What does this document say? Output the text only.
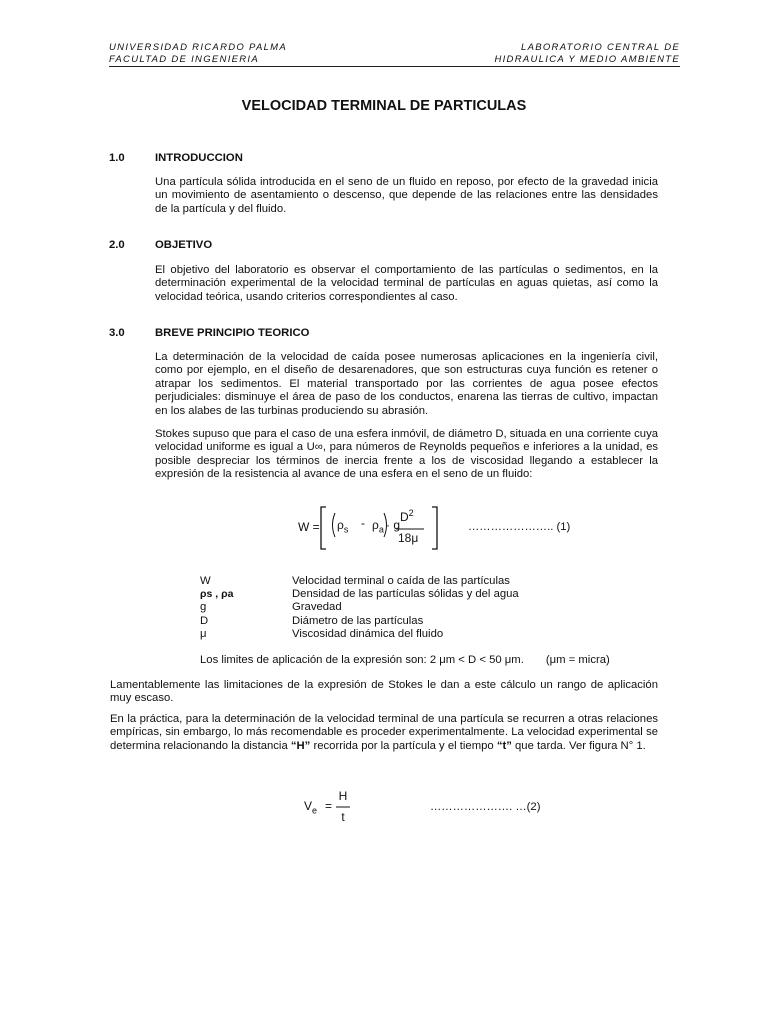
UNIVERSIDAD RICARDO PALMA
FACULTAD DE INGENIERIA
LABORATORIO CENTRAL DE
HIDRAULICA Y MEDIO AMBIENTE
VELOCIDAD TERMINAL DE PARTICULAS
1.0	INTRODUCCION
Una partícula sólida introducida en el seno de un fluido en reposo, por efecto de la gravedad inicia un movimiento de asentamiento o descenso, que depende de las relaciones entre las densidades de la partícula y del fluido.
2.0	OBJETIVO
El objetivo del laboratorio es observar el comportamiento de las partículas o sedimentos, en la determinación experimental de la velocidad terminal de partículas en aguas quietas, así como la velocidad teórica, usando criterios correspondientes al caso.
3.0	BREVE PRINCIPIO TEORICO
La determinación de la velocidad de caída posee numerosas aplicaciones en la ingeniería civil, como por ejemplo, en el diseño de desarenadores, que son estructuras cuya función es retener o atrapar los sedimentos. El material transportado por las corrientes de agua posee efectos perjudiciales: disminuye el área de paso de los conductos, enarena las tierras de cultivo, impactan en los alabes de las turbinas produciendo su abrasión.
Stokes supuso que para el caso de una esfera inmóvil, de diámetro D, situada en una corriente cuya velocidad uniforme es igual a U∞, para números de Reynolds pequeños e inferiores a la unidad, es posible despreciar los términos de inercia frente a los de viscosidad llegando a establecer la expresión de la resistencia al avance de una esfera en el seno de un fluido:
$W = \rho_s - \rho_a \cdot g$
$D^2$
18μ
………………….. (1)
W	Velocidad terminal o caída de las partículas
ρs , ρa	Densidad de las partículas sólidas y del agua
g	Gravedad
D	Diámetro de las partículas
μ	Viscosidad dinámica del fluido
Los limites de aplicación de la expresión son: 2 μm < D < 50 μm. (μm = micra)
Lamentablemente las limitaciones de la expresión de Stokes le dan a este cálculo un rango de aplicación muy escaso.
En la práctica, para la determinación de la velocidad terminal de una partícula se recurren a otras relaciones empíricas, sin embargo, lo más recomendable es proceder experimentalmente. La velocidad experimental se determina relacionando la distancia “H” recorrida por la partícula y el tiempo “t” que tarda. Ver figura N° 1.
$V_e$ =
H
t
…………………. …(2)
